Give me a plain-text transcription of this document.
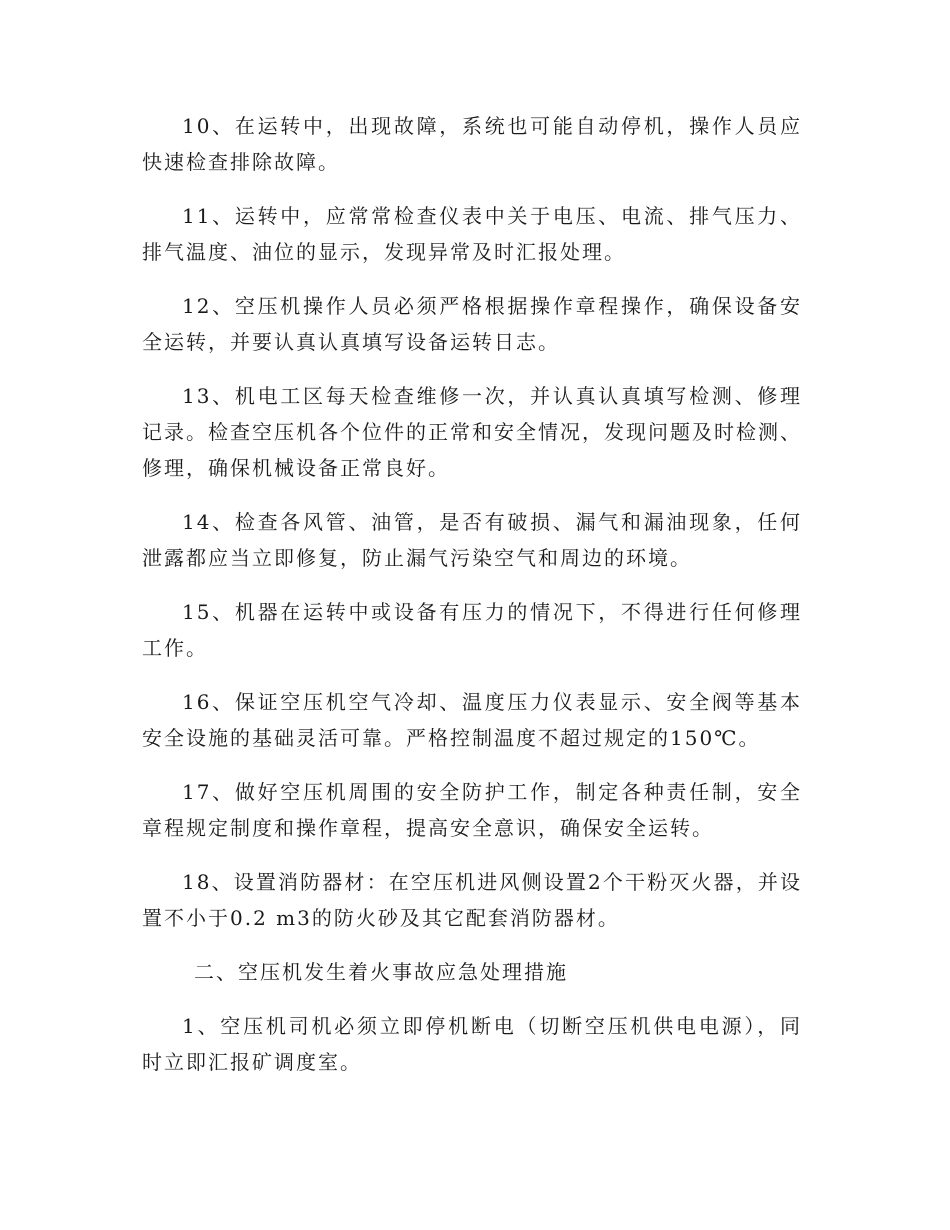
10、在运转中，出现故障，系统也可能自动停机，操作人员应快速检查排除故障。

11、运转中，应常常检查仪表中关于电压、电流、排气压力、排气温度、油位的显示，发现异常及时汇报处理。

12、空压机操作人员必须严格根据操作章程操作，确保设备安全运转，并要认真认真填写设备运转日志。

13、机电工区每天检查维修一次，并认真认真填写检测、修理记录。检查空压机各个位件的正常和安全情况，发现问题及时检测、修理，确保机械设备正常良好。

14、检查各风管、油管，是否有破损、漏气和漏油现象，任何泄露都应当立即修复，防止漏气污染空气和周边的环境。

15、机器在运转中或设备有压力的情况下，不得进行任何修理工作。

16、保证空压机空气冷却、温度压力仪表显示、安全阀等基本安全设施的基础灵活可靠。严格控制温度不超过规定的150℃。

17、做好空压机周围的安全防护工作，制定各种责任制，安全章程规定制度和操作章程，提高安全意识，确保安全运转。

18、设置消防器材：在空压机进风侧设置2个干粉灭火器，并设置不小于0.2 m3的防火砂及其它配套消防器材。

二、空压机发生着火事故应急处理措施

1、空压机司机必须立即停机断电（切断空压机供电电源），同时立即汇报矿调度室。
